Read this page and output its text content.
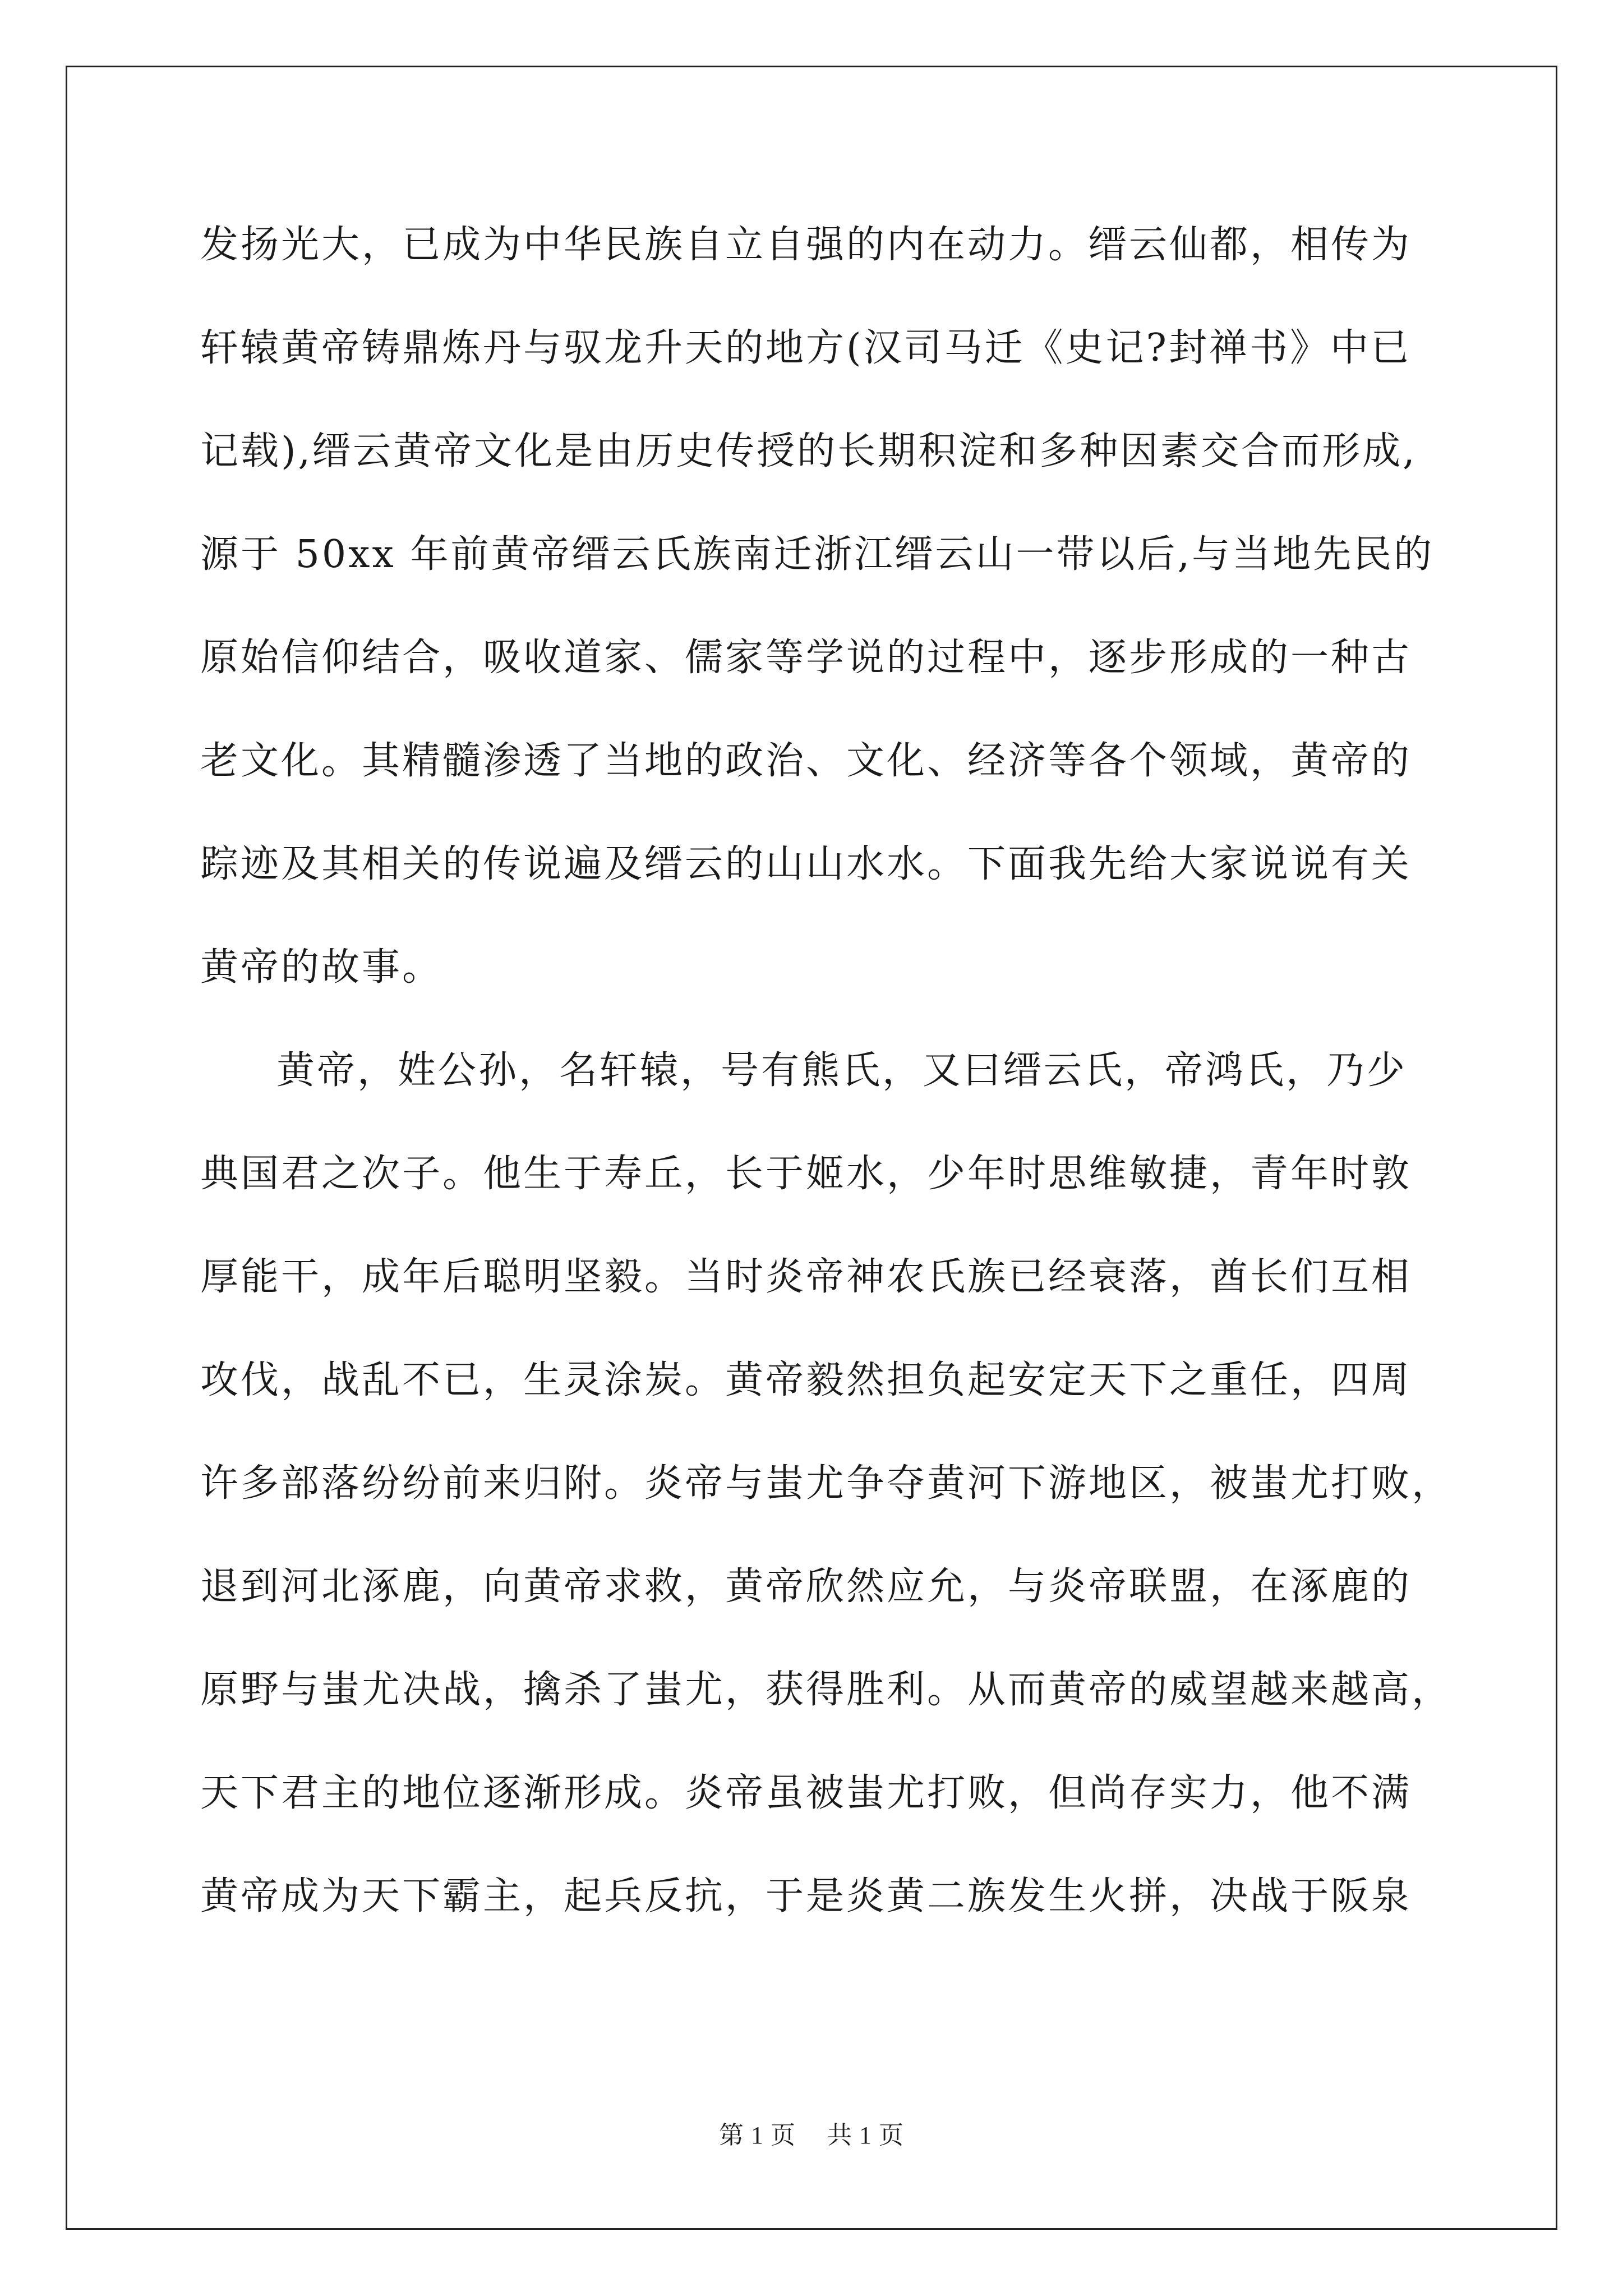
发扬光大，已成为中华民族自立自强的内在动力。缙云仙都，相传为
轩辕黄帝铸鼎炼丹与驭龙升天的地方(汉司马迁《史记?封禅书》中已
记载),缙云黄帝文化是由历史传授的长期积淀和多种因素交合而形成,
源于 50xx 年前黄帝缙云氏族南迁浙江缙云山一带以后,与当地先民的
原始信仰结合，吸收道家、儒家等学说的过程中，逐步形成的一种古
老文化。其精髓渗透了当地的政治、文化、经济等各个领域，黄帝的
踪迹及其相关的传说遍及缙云的山山水水。下面我先给大家说说有关
黄帝的故事。
黄帝，姓公孙，名轩辕，号有熊氏，又曰缙云氏，帝鸿氏，乃少
典国君之次子。他生于寿丘，长于姬水，少年时思维敏捷，青年时敦
厚能干，成年后聪明坚毅。当时炎帝神农氏族已经衰落，酋长们互相
攻伐，战乱不已，生灵涂炭。黄帝毅然担负起安定天下之重任，四周
许多部落纷纷前来归附。炎帝与蚩尤争夺黄河下游地区，被蚩尤打败，
退到河北涿鹿，向黄帝求救，黄帝欣然应允，与炎帝联盟，在涿鹿的
原野与蚩尤决战，擒杀了蚩尤，获得胜利。从而黄帝的威望越来越高，
天下君主的地位逐渐形成。炎帝虽被蚩尤打败，但尚存实力，他不满
黄帝成为天下霸主，起兵反抗，于是炎黄二族发生火拼，决战于阪泉
第 1 页 共 1 页
